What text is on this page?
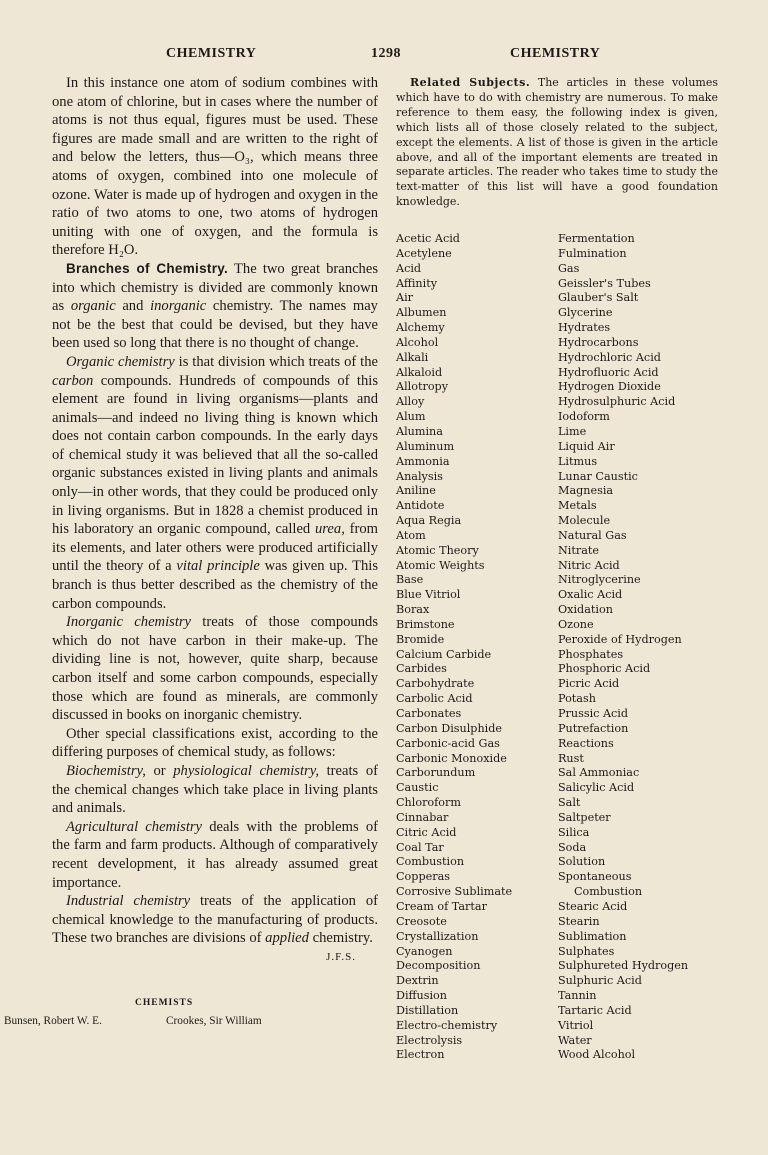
CHEMISTRY	1298	CHEMISTRY

In this instance one atom of sodium combines with one atom of chlorine, but in cases where the number of atoms is not thus equal, figures must be used. These figures are made small and are written to the right of and below the letters, thus—O₃, which means three atoms of oxygen, combined into one molecule of ozone. Water is made up of hydrogen and oxygen in the ratio of two atoms to one, two atoms of hydrogen uniting with one of oxygen, and the formula is therefore H₂O.

Branches of Chemistry. The two great branches into which chemistry is divided are commonly known as organic and inorganic chemistry. The names may not be the best that could be devised, but they have been used so long that there is no thought of change.

Organic chemistry is that division which treats of the carbon compounds. Hundreds of compounds of this element are found in living organisms—plants and animals—and indeed no living thing is known which does not contain carbon compounds. In the early days of chemical study it was believed that all the so-called organic substances existed in living plants and animals only—in other words, that they could be produced only in living organisms. But in 1828 a chemist produced in his laboratory an organic compound, called urea, from its elements, and later others were produced artificially until the theory of a vital principle was given up. This branch is thus better described as the chemistry of the carbon compounds.

Inorganic chemistry treats of those compounds which do not have carbon in their make-up. The dividing line is not, however, quite sharp, because carbon itself and some carbon compounds, especially those which are found as minerals, are commonly discussed in books on inorganic chemistry.

Other special classifications exist, according to the differing purposes of chemical study, as follows:

Biochemistry, or physiological chemistry, treats of the chemical changes which take place in living plants and animals.

Agricultural chemistry deals with the problems of the farm and farm products. Although of comparatively recent development, it has already assumed great importance.

Industrial chemistry treats of the application of chemical knowledge to the manufacturing of products. These two branches are divisions of applied chemistry.
J.F.S.

Related Subjects. The articles in these volumes which have to do with chemistry are numerous. To make reference to them easy, the following index is given, which lists all of those closely related to the subject, except the elements. A list of those is given in the article above, and all of the important elements are treated in separate articles. The reader who takes time to study the text-matter of this list will have a good foundation knowledge.

Acetic Acid
Acetylene
Acid
Affinity
Air
Albumen
Alchemy
Alcohol
Alkali
Alkaloid
Allotropy
Alloy
Alum
Alumina
Aluminum
Ammonia
Analysis
Aniline
Antidote
Aqua Regia
Atom
Atomic Theory
Atomic Weights
Base
Blue Vitriol
Borax
Brimstone
Bromide
Calcium Carbide
Carbides
Carbohydrate
Carbolic Acid
Carbonates
Carbon Disulphide
Carbonic-acid Gas
Carbonic Monoxide
Carborundum
Caustic
Chloroform
Cinnabar
Citric Acid
Coal Tar
Combustion
Copperas
Corrosive Sublimate
Cream of Tartar
Creosote
Crystallization
Cyanogen
Decomposition
Dextrin
Diffusion
Distillation
Electro-chemistry
Electrolysis
Electron
Fermentation
Fulmination
Gas
Geissler's Tubes
Glauber's Salt
Glycerine
Hydrates
Hydrocarbons
Hydrochloric Acid
Hydrofluoric Acid
Hydrogen Dioxide
Hydrosulphuric Acid
Iodoform
Lime
Liquid Air
Litmus
Lunar Caustic
Magnesia
Metals
Molecule
Natural Gas
Nitrate
Nitric Acid
Nitroglycerine
Oxalic Acid
Oxidation
Ozone
Peroxide of Hydrogen
Phosphates
Phosphoric Acid
Picric Acid
Potash
Prussic Acid
Putrefaction
Reactions
Rust
Sal Ammoniac
Salicylic Acid
Salt
Saltpeter
Silica
Soda
Solution
Spontaneous
Combustion
Stearic Acid
Stearin
Sublimation
Sulphates
Sulphureted Hydrogen
Sulphuric Acid
Tannin
Tartaric Acid
Vitriol
Water
Wood Alcohol
CHEMISTS
Bunsen, Robert W. E.	Crookes, Sir William
